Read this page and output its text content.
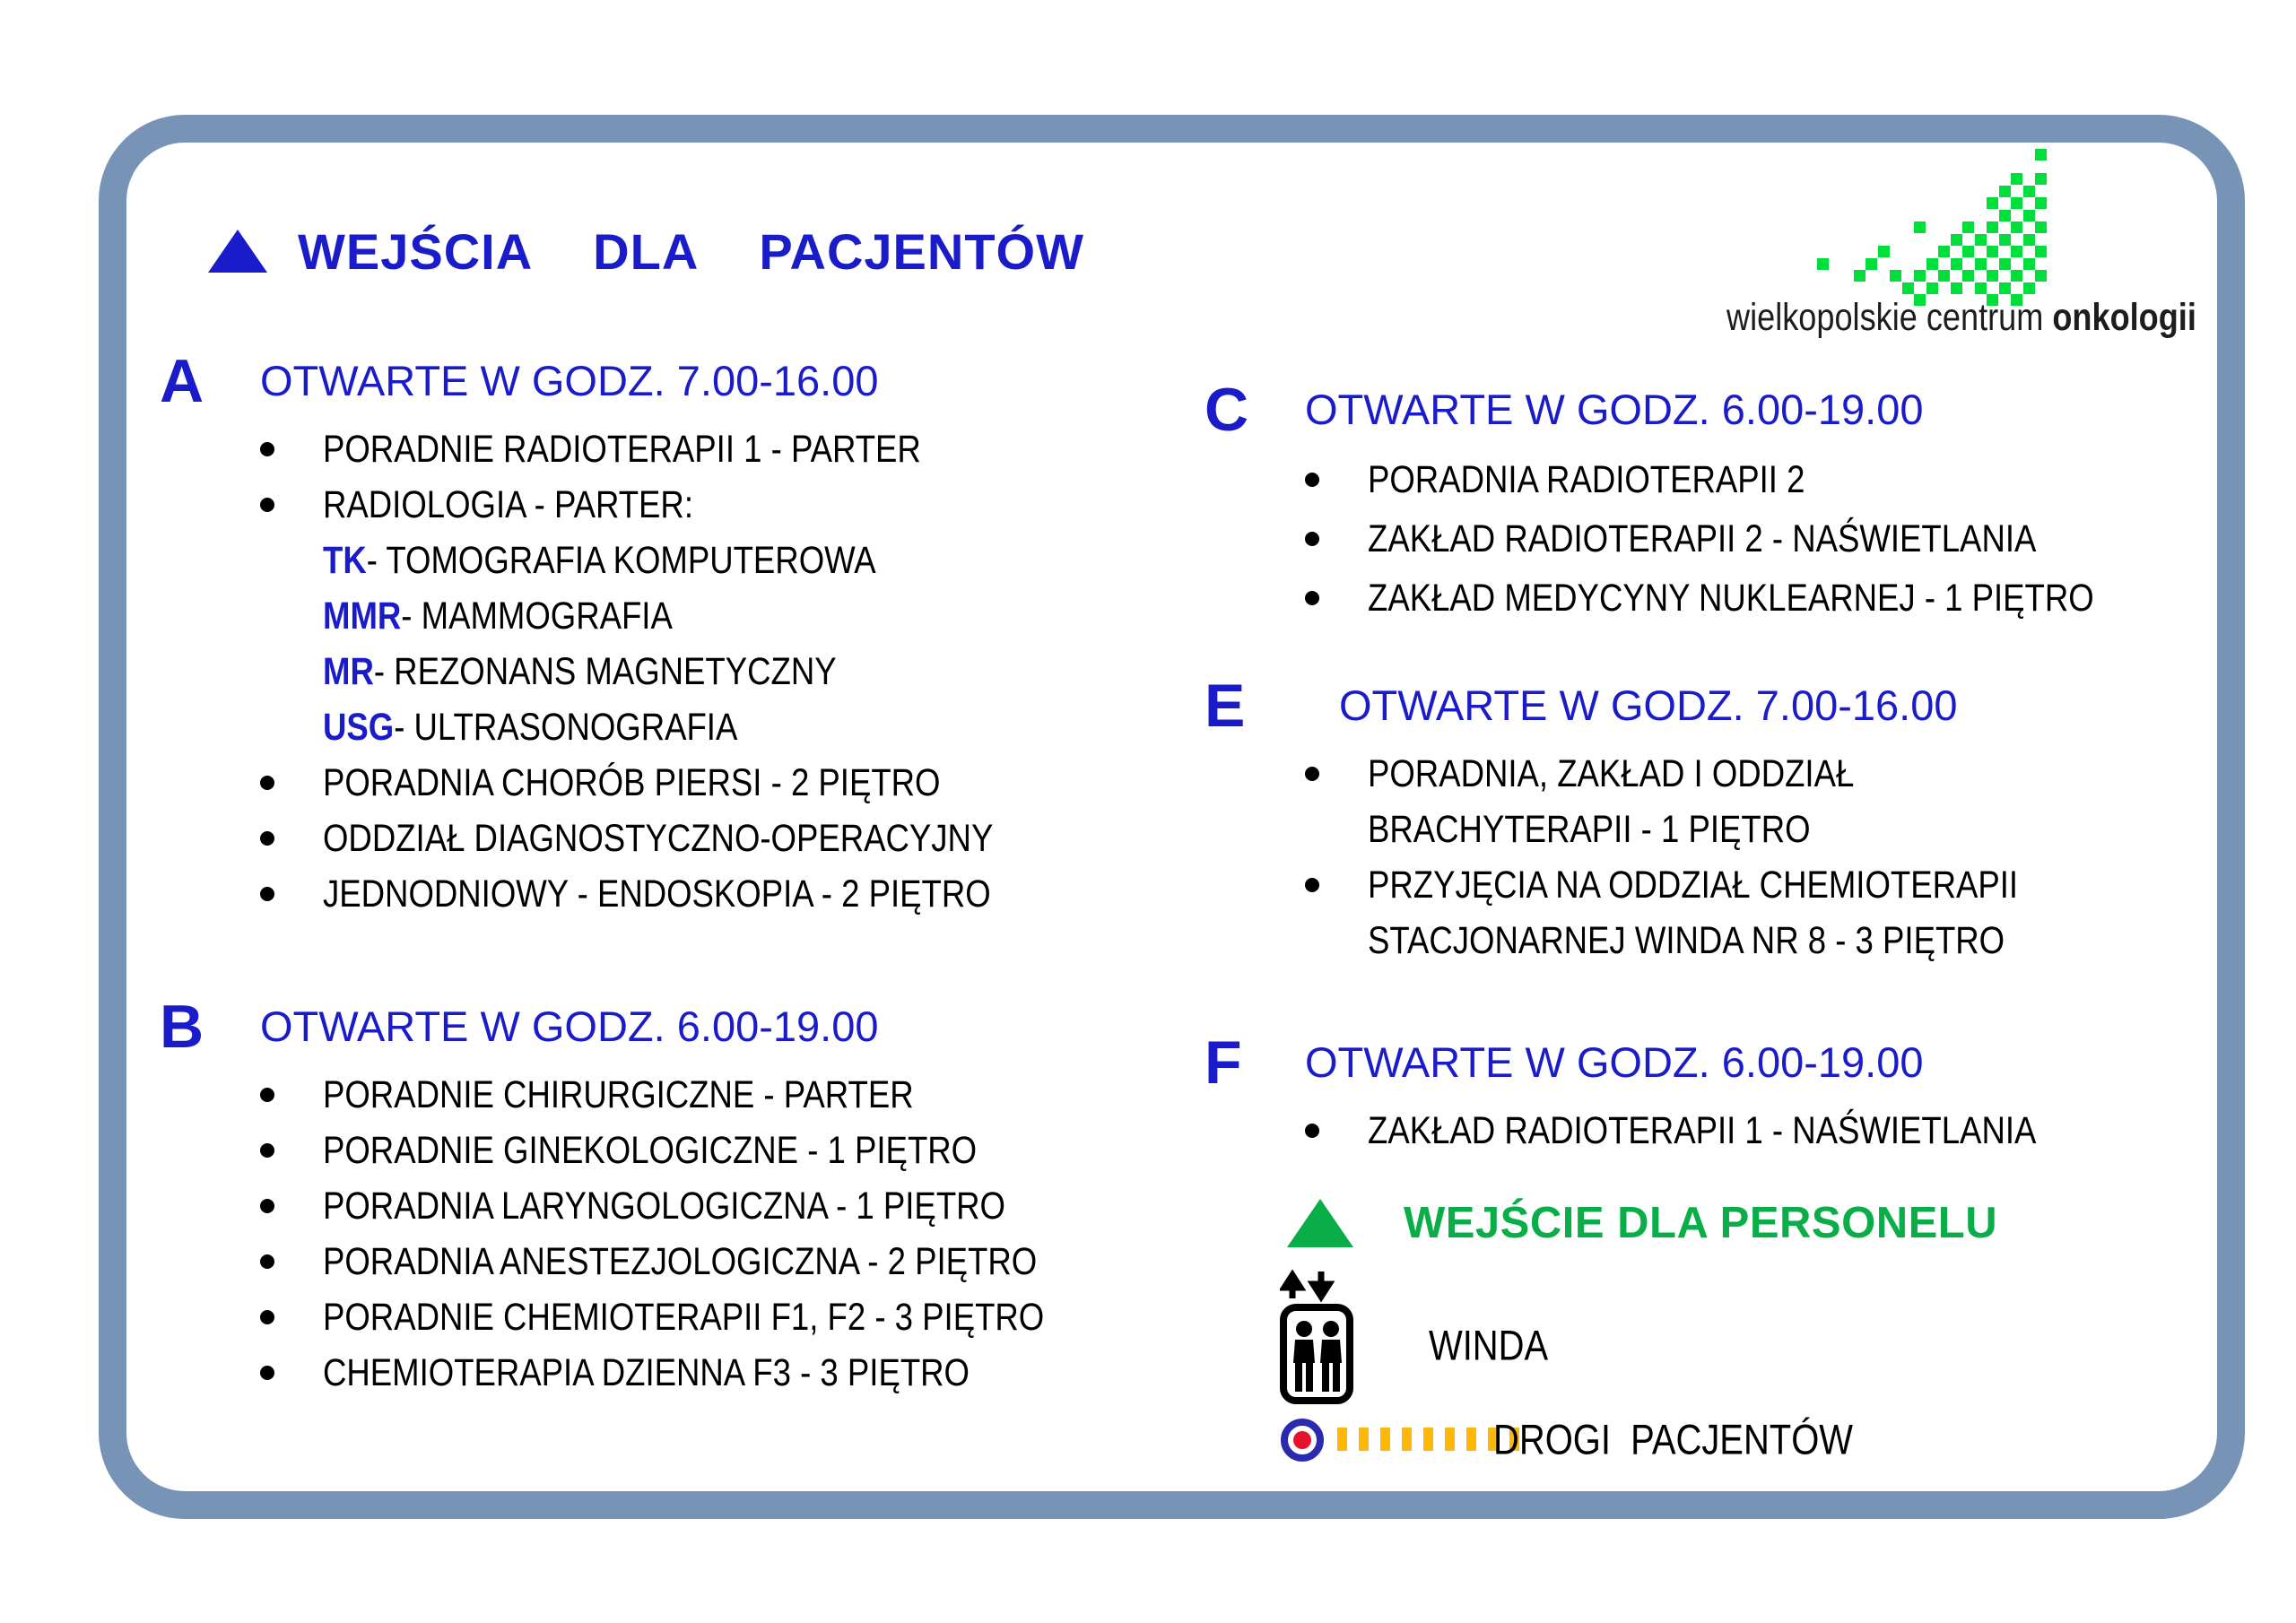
WEJŚCIA  DLA  PACJENTÓW
wielkopolskie centrum onkologii
A OTWARTE W GODZ. 7.00-16.00
PORADNIE RADIOTERAPII 1 - PARTER
RADIOLOGIA - PARTER:
TK - TOMOGRAFIA KOMPUTEROWA
MMR - MAMMOGRAFIA
MR - REZONANS MAGNETYCZNY
USG - ULTRASONOGRAFIA
PORADNIA CHORÓB PIERSI - 2 PIĘTRO
ODDZIAŁ DIAGNOSTYCZNO-OPERACYJNY
JEDNODNIOWY - ENDOSKOPIA - 2 PIĘTRO
B OTWARTE W GODZ. 6.00-19.00
PORADNIE CHIRURGICZNE - PARTER
PORADNIE GINEKOLOGICZNE - 1 PIĘTRO
PORADNIA LARYNGOLOGICZNA - 1 PIĘTRO
PORADNIA ANESTEZJOLOGICZNA - 2 PIĘTRO
PORADNIE CHEMIOTERAPII F1, F2 - 3 PIĘTRO
CHEMIOTERAPIA DZIENNA F3 - 3 PIĘTRO
C OTWARTE W GODZ. 6.00-19.00
PORADNIA RADIOTERAPII 2
ZAKŁAD RADIOTERAPII 2 - NAŚWIETLANIA
ZAKŁAD MEDYCYNY NUKLEARNEJ - 1 PIĘTRO
E OTWARTE W GODZ. 7.00-16.00
PORADNIA, ZAKŁAD I ODDZIAŁ
BRACHYTERAPII - 1 PIĘTRO
PRZYJĘCIA NA ODDZIAŁ CHEMIOTERAPII
STACJONARNEJ WINDA NR 8 - 3 PIĘTRO
F OTWARTE W GODZ. 6.00-19.00
ZAKŁAD RADIOTERAPII 1 - NAŚWIETLANIA
WEJŚCIE DLA PERSONELU
WINDA
DROGI  PACJENTÓW
